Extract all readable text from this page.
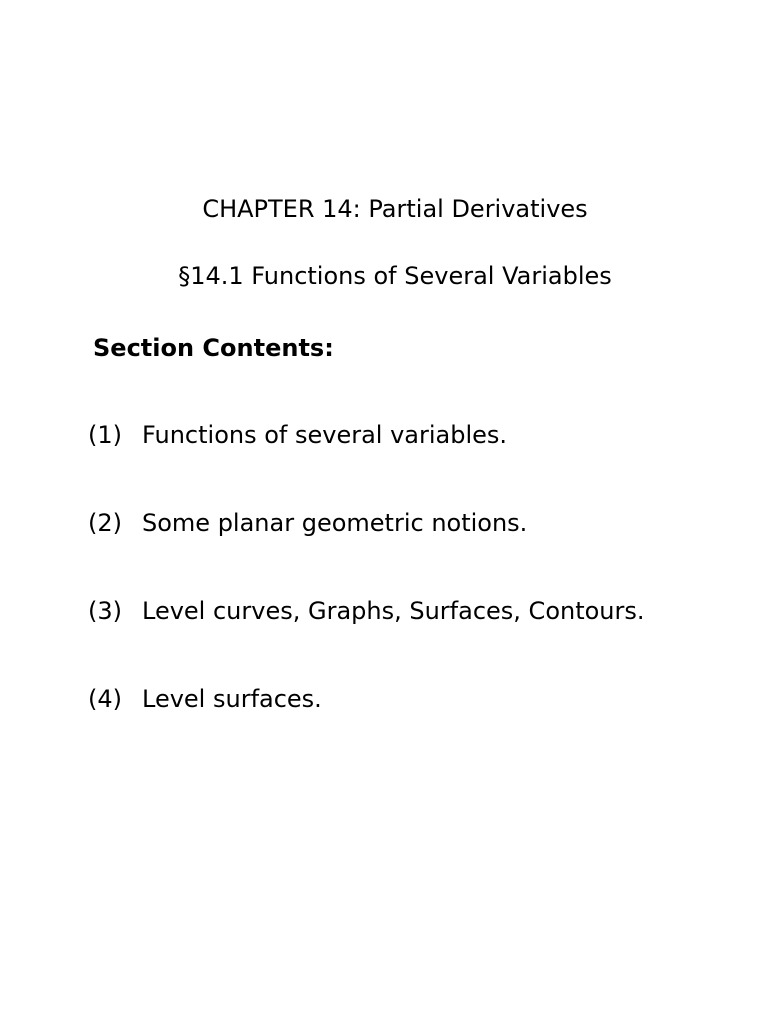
CHAPTER 14: Partial Derivatives
§14.1 Functions of Several Variables
Section Contents:
(1) Functions of several variables.
(2) Some planar geometric notions.
(3) Level curves, Graphs, Surfaces, Contours.
(4) Level surfaces.
